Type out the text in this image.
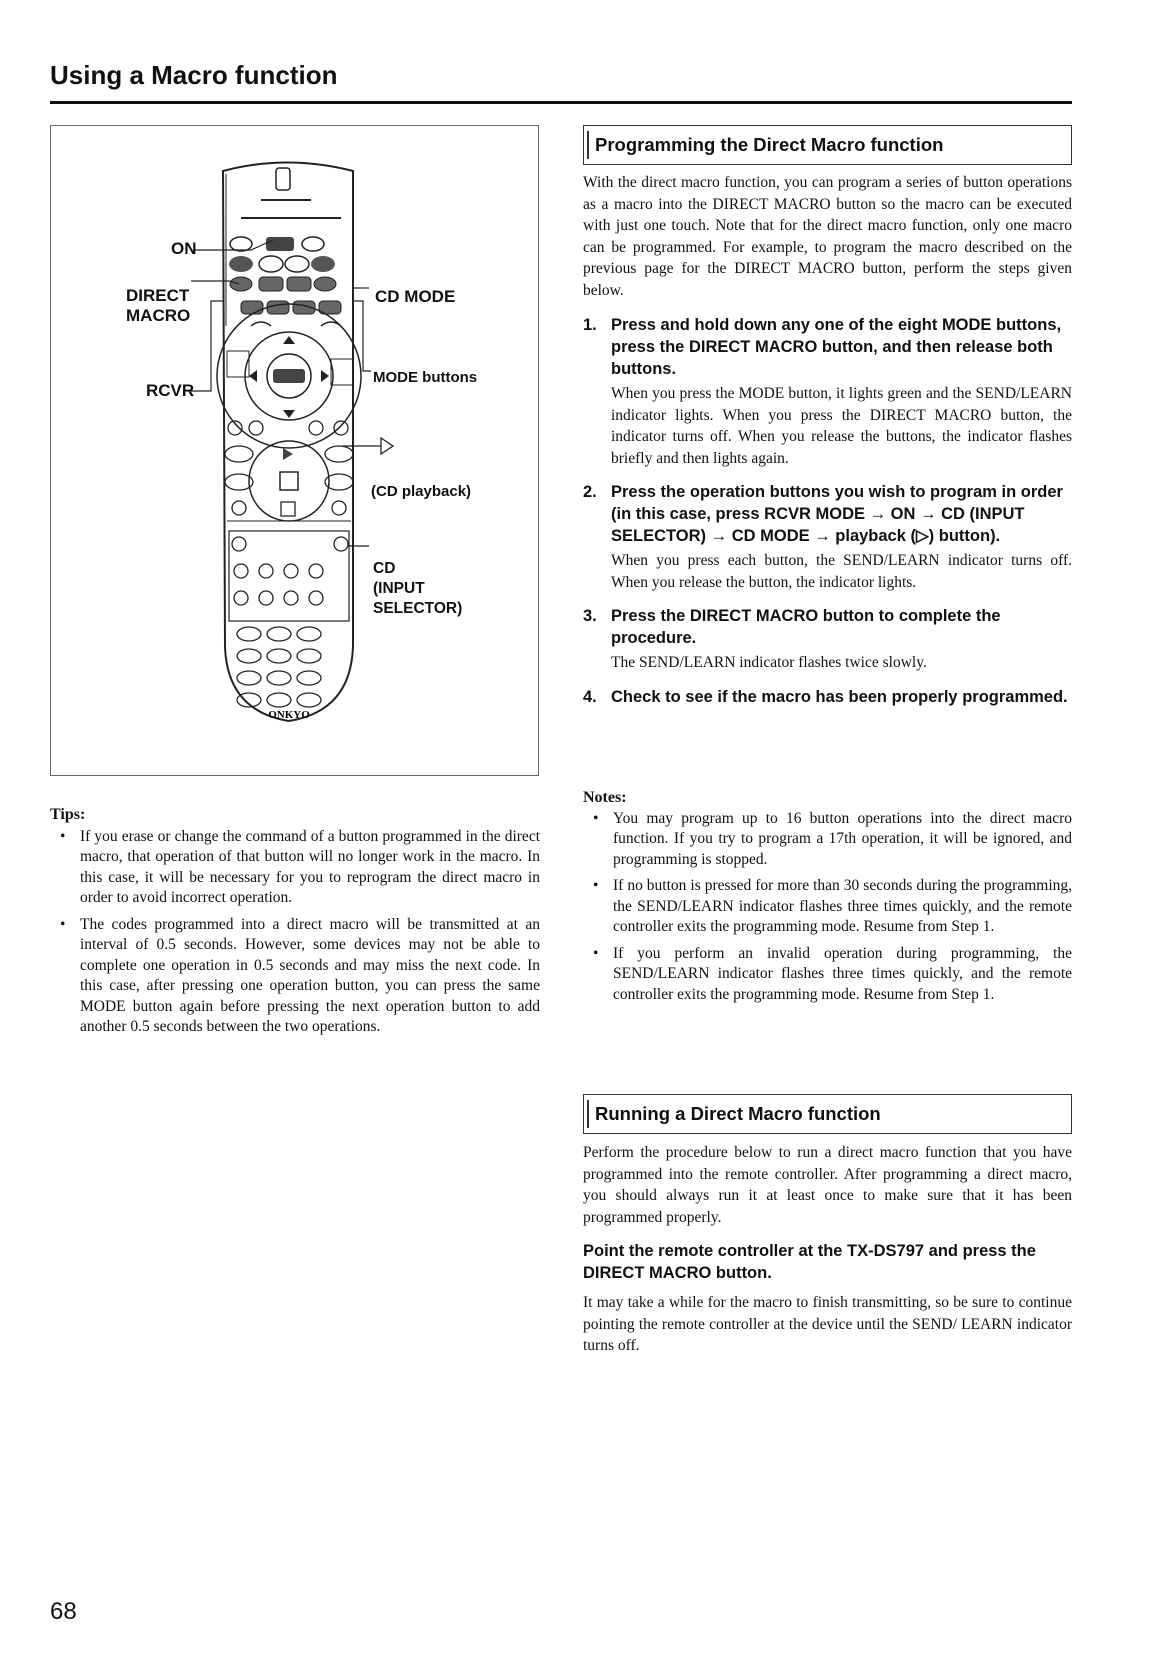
Using a Macro function
ONKYO
ON
DIRECT
MACRO
RCVR
CD MODE
MODE buttons
(CD playback)
CD
(INPUT
SELECTOR)
Tips:
• If you erase or change the command of a button programmed in the direct macro, that operation of that button will no longer work in the macro. In this case, it will be necessary for you to reprogram the direct macro in order to avoid incorrect operation.
• The codes programmed into a direct macro will be transmitted at an interval of 0.5 seconds. However, some devices may not be able to complete one operation in 0.5 seconds and may miss the next code. In this case, after pressing one operation button, you can press the same MODE button again before pressing the next operation button to add another 0.5 seconds between the two operations.
Programming the Direct Macro function
With the direct macro function, you can program a series of button operations as a macro into the DIRECT MACRO button so the macro can be executed with just one touch. Note that for the direct macro function, only one macro can be programmed. For example, to program the macro described on the previous page for the DIRECT MACRO button, perform the steps given below.
1. Press and hold down any one of the eight MODE buttons, press the DIRECT MACRO button, and then release both buttons.
When you press the MODE button, it lights green and the SEND/LEARN indicator lights. When you press the DIRECT MACRO button, the indicator turns off. When you release the buttons, the indicator flashes briefly and then lights again.
2. Press the operation buttons you wish to program in order (in this case, press RCVR MODE → ON → CD (INPUT SELECTOR) → CD MODE → playback (▷) button).
When you press each button, the SEND/LEARN indicator turns off. When you release the button, the indicator lights.
3. Press the DIRECT MACRO button to complete the procedure.
The SEND/LEARN indicator flashes twice slowly.
4. Check to see if the macro has been properly programmed.
Notes:
• You may program up to 16 button operations into the direct macro function. If you try to program a 17th operation, it will be ignored, and programming is stopped.
• If no button is pressed for more than 30 seconds during the programming, the SEND/LEARN indicator flashes three times quickly, and the remote controller exits the programming mode. Resume from Step 1.
• If you perform an invalid operation during programming, the SEND/LEARN indicator flashes three times quickly, and the remote controller exits the programming mode. Resume from Step 1.
Running a Direct Macro function
Perform the procedure below to run a direct macro function that you have programmed into the remote controller. After programming a direct macro, you should always run it at least once to make sure that it has been programmed properly.
Point the remote controller at the TX-DS797 and press the DIRECT MACRO button.
It may take a while for the macro to finish transmitting, so be sure to continue pointing the remote controller at the device until the SEND/ LEARN indicator turns off.
68
